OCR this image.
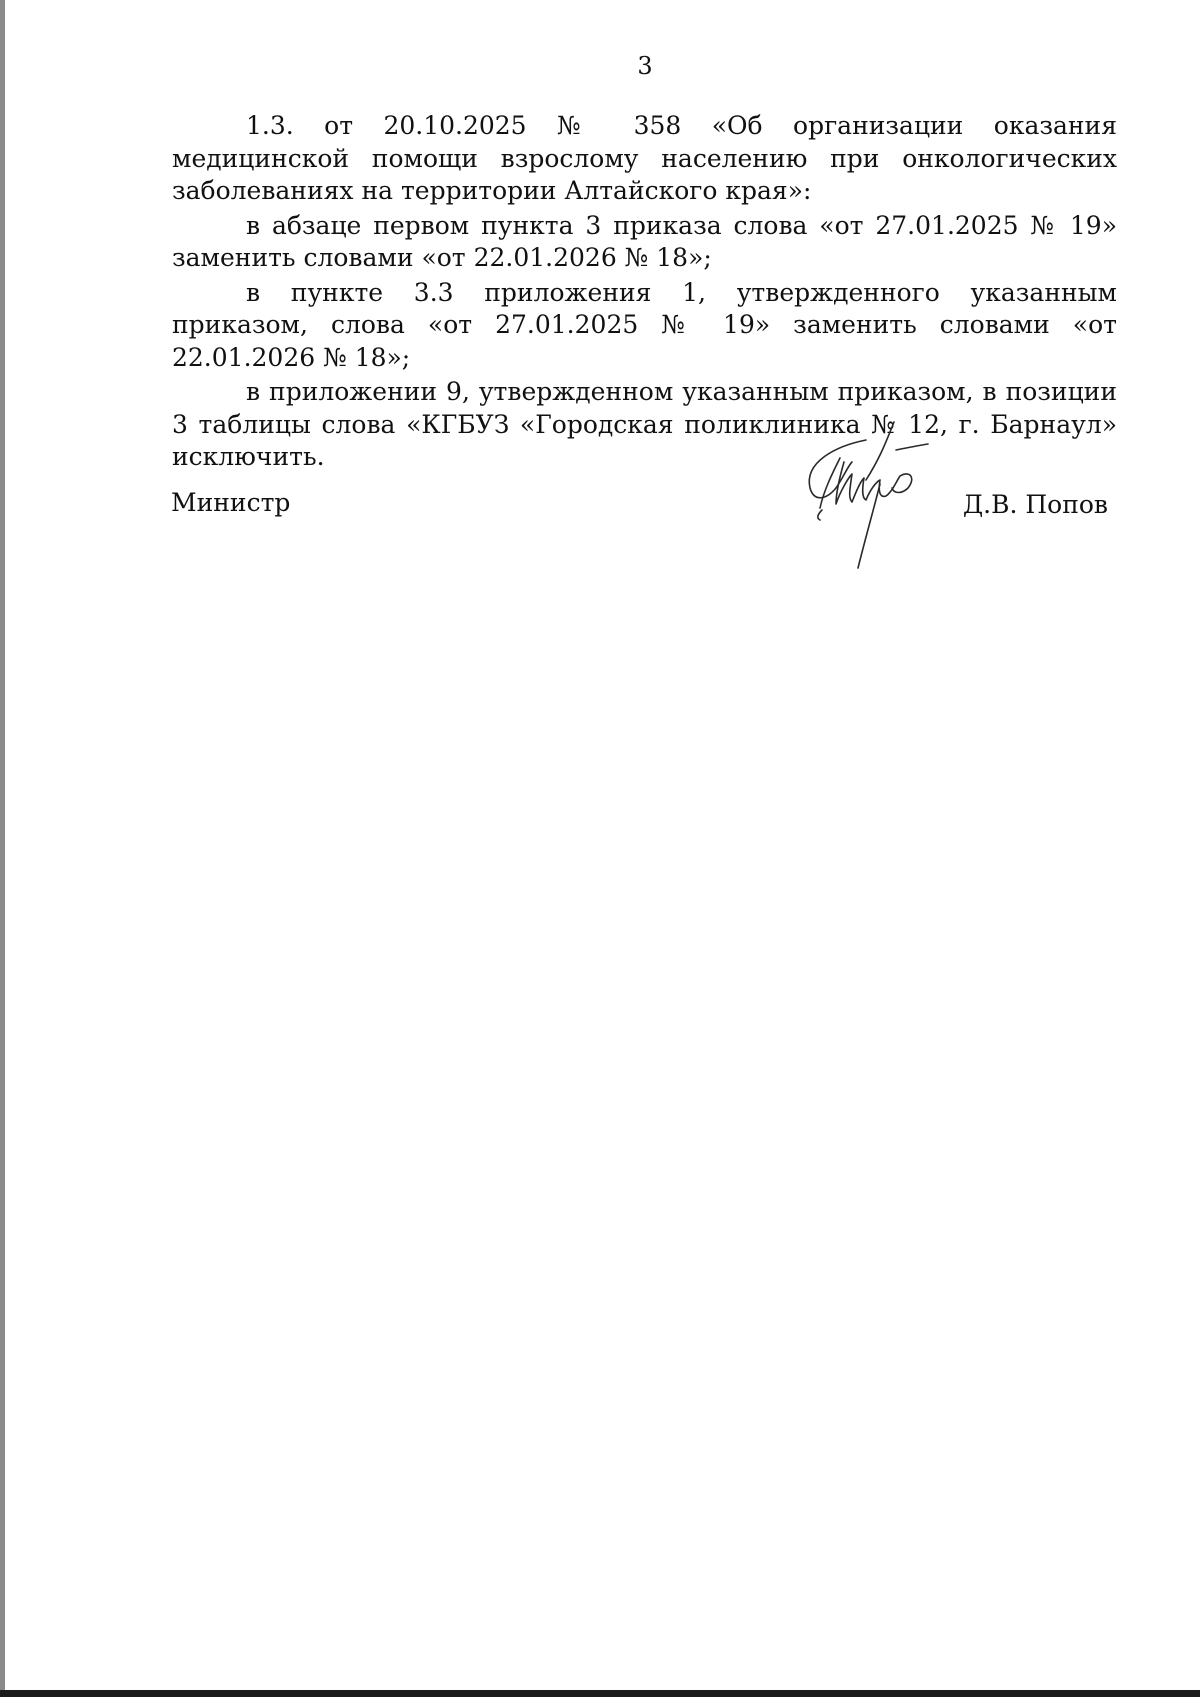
3

1.3. от 20.10.2025 № 358 «Об организации оказания медицинской помощи взрослому населению при онкологических заболеваниях на территории Алтайского края»:

в абзаце первом пункта 3 приказа слова «от 27.01.2025 № 19» заменить словами «от 22.01.2026 № 18»;

в пункте 3.3 приложения 1, утвержденного указанным приказом, слова «от 27.01.2025 № 19» заменить словами «от 22.01.2026 № 18»;

в приложении 9, утвержденном указанным приказом, в позиции 3 таблицы слова «КГБУЗ «Городская поликлиника № 12, г. Барнаул» исключить.

Министр	Д.В. Попов
